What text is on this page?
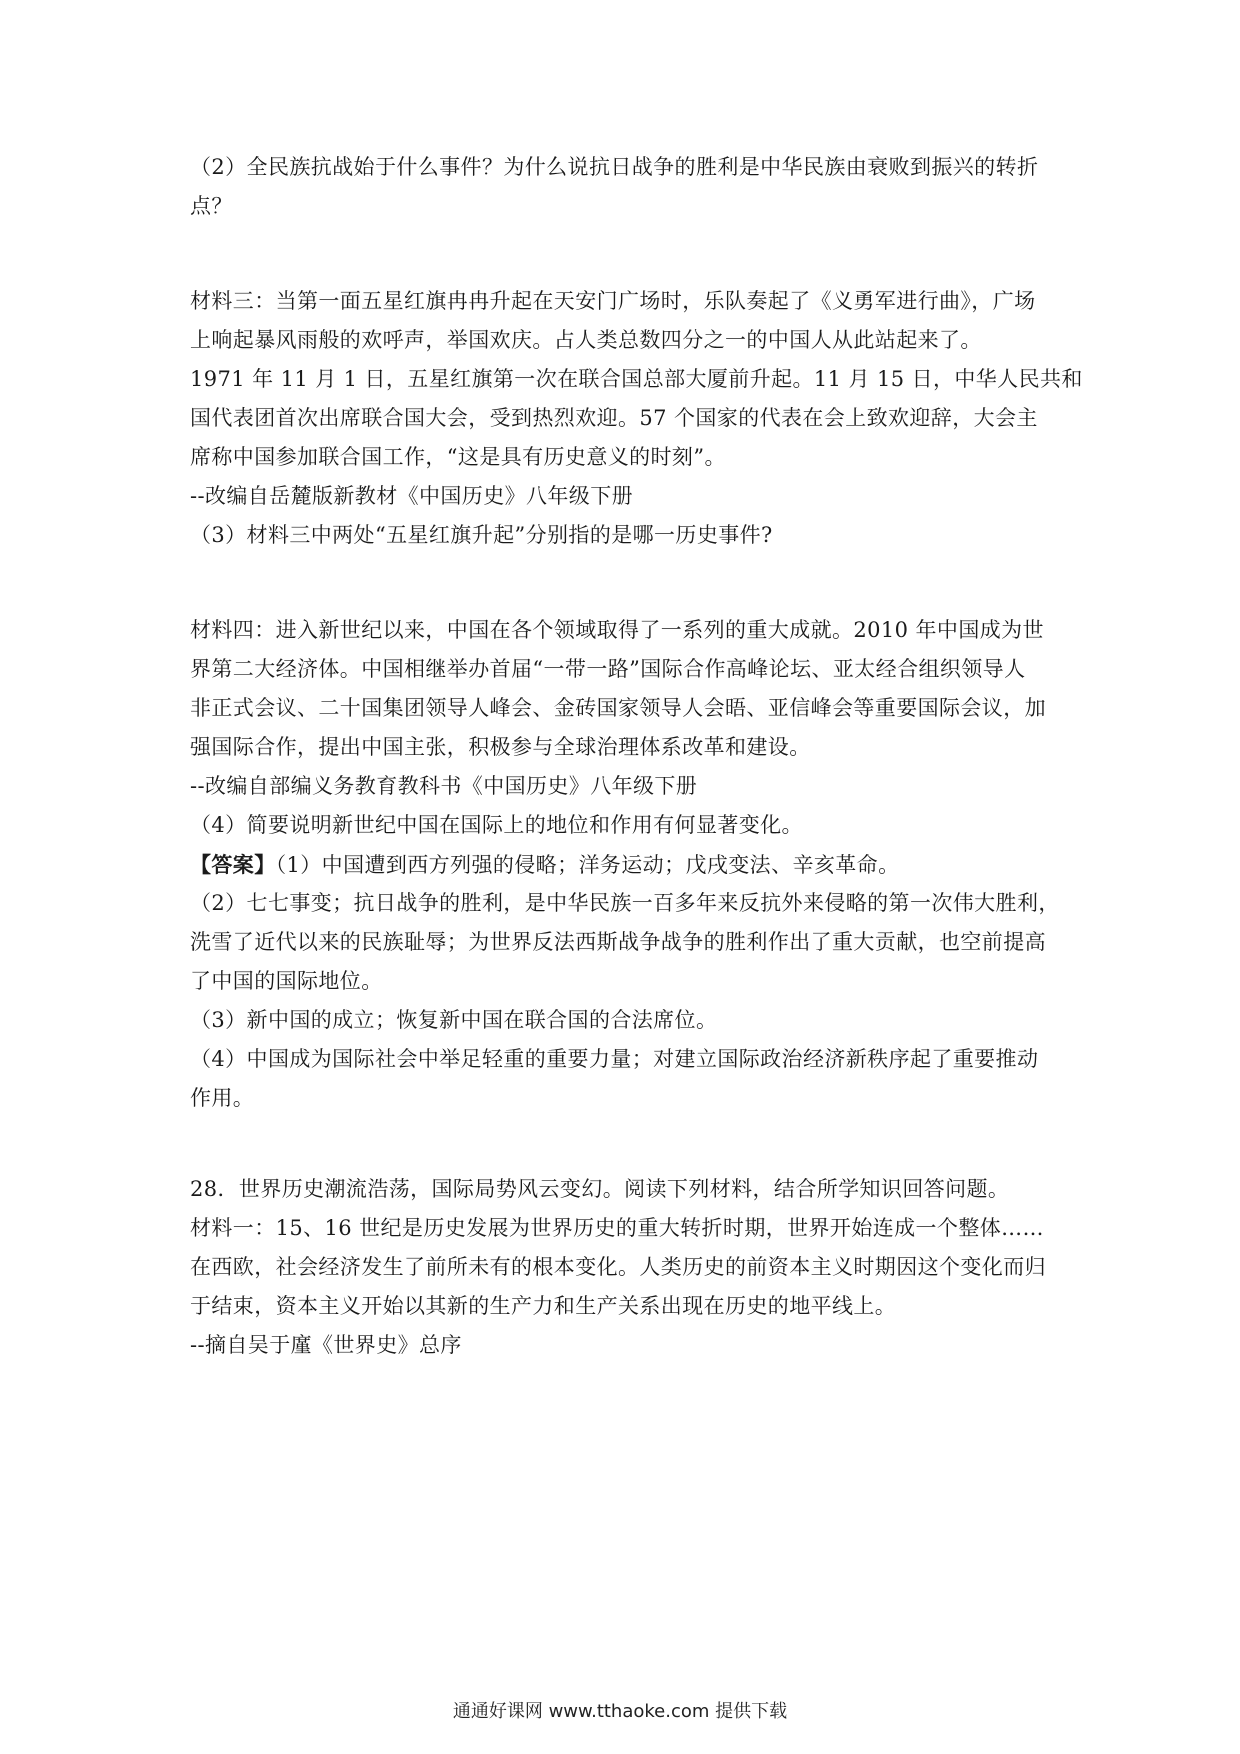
（2）全民族抗战始于什么事件？为什么说抗日战争的胜利是中华民族由衰败到振兴的转折
点？
材料三：当第一面五星红旗冉冉升起在天安门广场时，乐队奏起了《义勇军进行曲》，广场
上响起暴风雨般的欢呼声，举国欢庆。占人类总数四分之一的中国人从此站起来了。
1971 年 11 月 1 日，五星红旗第一次在联合国总部大厦前升起。11 月 15 日，中华人民共和
国代表团首次出席联合国大会，受到热烈欢迎。57 个国家的代表在会上致欢迎辞，大会主
席称中国参加联合国工作，“这是具有历史意义的时刻”。
--改编自岳麓版新教材《中国历史》八年级下册
（3）材料三中两处“五星红旗升起”分别指的是哪一历史事件?
材料四：进入新世纪以来，中国在各个领域取得了一系列的重大成就。2010 年中国成为世
界第二大经济体。中国相继举办首届“一带一路”国际合作高峰论坛、亚太经合组织领导人
非正式会议、二十国集团领导人峰会、金砖国家领导人会晤、亚信峰会等重要国际会议，加
强国际合作，提出中国主张，积极参与全球治理体系改革和建设。
--改编自部编义务教育教科书《中国历史》八年级下册
（4）简要说明新世纪中国在国际上的地位和作用有何显著变化。
【答案】（1）中国遭到西方列强的侵略；洋务运动；戊戌变法、辛亥革命。
（2）七七事变；抗日战争的胜利，是中华民族一百多年来反抗外来侵略的第一次伟大胜利，
洗雪了近代以来的民族耻辱；为世界反法西斯战争战争的胜利作出了重大贡献，也空前提高
了中国的国际地位。
（3）新中国的成立；恢复新中国在联合国的合法席位。
（4）中国成为国际社会中举足轻重的重要力量；对建立国际政治经济新秩序起了重要推动
作用。
28．世界历史潮流浩荡，国际局势风云变幻。阅读下列材料，结合所学知识回答问题。
材料一：15、16 世纪是历史发展为世界历史的重大转折时期，世界开始连成一个整体……
在西欧，社会经济发生了前所未有的根本变化。人类历史的前资本主义时期因这个变化而归
于结束，资本主义开始以其新的生产力和生产关系出现在历史的地平线上。
--摘自吴于廑《世界史》总序
通通好课网 www.tthaoke.com 提供下载
